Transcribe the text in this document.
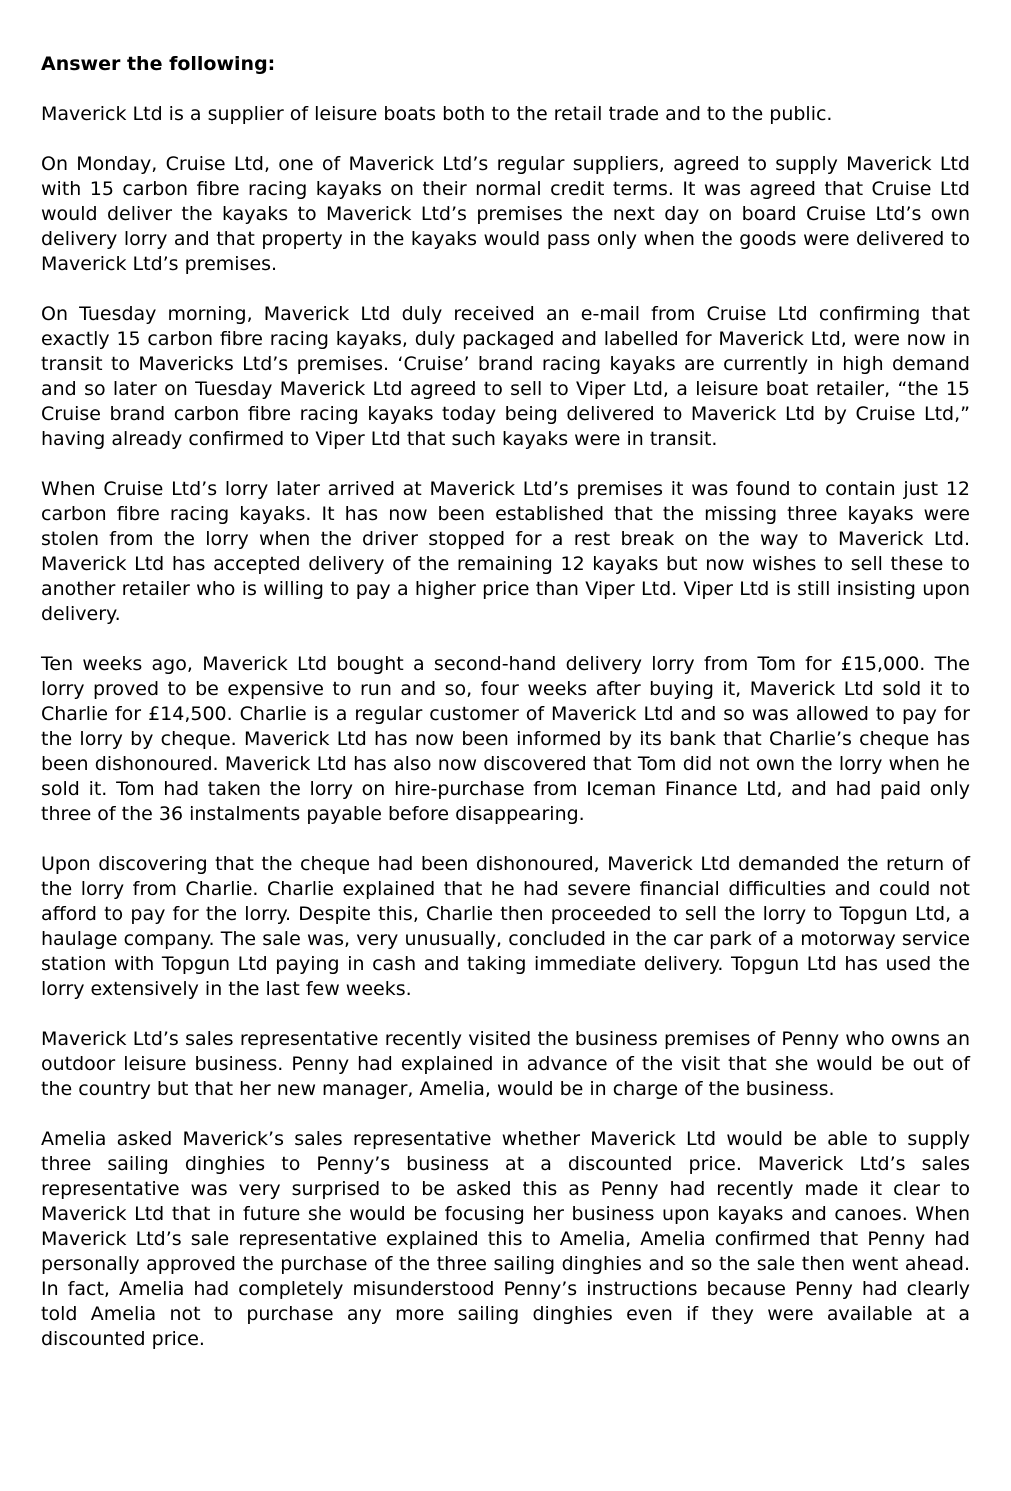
Answer the following:

Maverick Ltd is a supplier of leisure boats both to the retail trade and to the public.

On Monday, Cruise Ltd, one of Maverick Ltd’s regular suppliers, agreed to supply Maverick Ltd with 15 carbon fibre racing kayaks on their normal credit terms. It was agreed that Cruise Ltd would deliver the kayaks to Maverick Ltd’s premises the next day on board Cruise Ltd’s own delivery lorry and that property in the kayaks would pass only when the goods were delivered to Maverick Ltd’s premises.

On Tuesday morning, Maverick Ltd duly received an e-mail from Cruise Ltd confirming that exactly 15 carbon fibre racing kayaks, duly packaged and labelled for Maverick Ltd, were now in transit to Mavericks Ltd’s premises. ‘Cruise’ brand racing kayaks are currently in high demand and so later on Tuesday Maverick Ltd agreed to sell to Viper Ltd, a leisure boat retailer, “the 15 Cruise brand carbon fibre racing kayaks today being delivered to Maverick Ltd by Cruise Ltd,” having already confirmed to Viper Ltd that such kayaks were in transit.

When Cruise Ltd’s lorry later arrived at Maverick Ltd’s premises it was found to contain just 12 carbon fibre racing kayaks. It has now been established that the missing three kayaks were stolen from the lorry when the driver stopped for a rest break on the way to Maverick Ltd. Maverick Ltd has accepted delivery of the remaining 12 kayaks but now wishes to sell these to another retailer who is willing to pay a higher price than Viper Ltd. Viper Ltd is still insisting upon delivery.

Ten weeks ago, Maverick Ltd bought a second-hand delivery lorry from Tom for £15,000. The lorry proved to be expensive to run and so, four weeks after buying it, Maverick Ltd sold it to Charlie for £14,500. Charlie is a regular customer of Maverick Ltd and so was allowed to pay for the lorry by cheque. Maverick Ltd has now been informed by its bank that Charlie’s cheque has been dishonoured. Maverick Ltd has also now discovered that Tom did not own the lorry when he sold it. Tom had taken the lorry on hire-purchase from Iceman Finance Ltd, and had paid only three of the 36 instalments payable before disappearing.

Upon discovering that the cheque had been dishonoured, Maverick Ltd demanded the return of the lorry from Charlie. Charlie explained that he had severe financial difficulties and could not afford to pay for the lorry. Despite this, Charlie then proceeded to sell the lorry to Topgun Ltd, a haulage company. The sale was, very unusually, concluded in the car park of a motorway service station with Topgun Ltd paying in cash and taking immediate delivery. Topgun Ltd has used the lorry extensively in the last few weeks.

Maverick Ltd’s sales representative recently visited the business premises of Penny who owns an outdoor leisure business. Penny had explained in advance of the visit that she would be out of the country but that her new manager, Amelia, would be in charge of the business.

Amelia asked Maverick’s sales representative whether Maverick Ltd would be able to supply three sailing dinghies to Penny’s business at a discounted price. Maverick Ltd’s sales representative was very surprised to be asked this as Penny had recently made it clear to Maverick Ltd that in future she would be focusing her business upon kayaks and canoes. When Maverick Ltd’s sale representative explained this to Amelia, Amelia confirmed that Penny had personally approved the purchase of the three sailing dinghies and so the sale then went ahead. In fact, Amelia had completely misunderstood Penny’s instructions because Penny had clearly told Amelia not to purchase any more sailing dinghies even if they were available at a discounted price.
